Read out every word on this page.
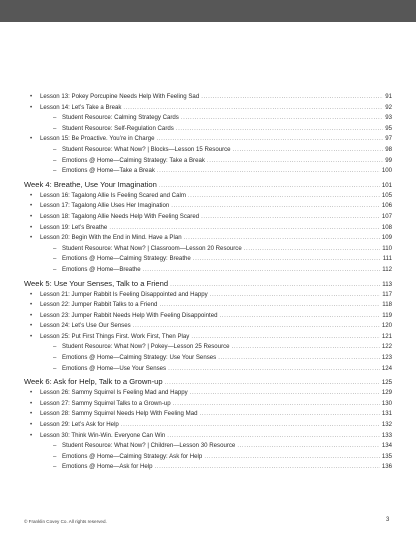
•	Lesson 13: Pokey Porcupine Needs Help With Feeling Sad .....	91
•	Lesson 14: Let’s Take a Break .....	92
– Student Resource: Calming Strategy Cards .....	93
– Student Resource: Self-Regulation Cards .....	95
•	Lesson 15: Be Proactive. You’re in Charge .....	97
– Student Resource: What Now? | Blocks—Lesson 15 Resource .....	98
– Emotions @ Home—Calming Strategy: Take a Break .....	99
– Emotions @ Home—Take a Break .....	100
Week 4: Breathe, Use Your Imagination .....	101
•	Lesson 16: Tagalong Allie Is Feeling Scared and Calm .....	105
•	Lesson 17: Tagalong Allie Uses Her Imagination .....	106
•	Lesson 18: Tagalong Allie Needs Help With Feeling Scared .....	107
•	Lesson 19: Let’s Breathe .....	108
•	Lesson 20: Begin With the End in Mind. Have a Plan .....	109
– Student Resource: What Now? | Classroom—Lesson 20 Resource .....	110
– Emotions @ Home—Calming Strategy: Breathe .....	111
– Emotions @ Home—Breathe .....	112
Week 5: Use Your Senses, Talk to a Friend .....	113
•	Lesson 21: Jumper Rabbit Is Feeling Disappointed and Happy .....	117
•	Lesson 22: Jumper Rabbit Talks to a Friend .....	118
•	Lesson 23: Jumper Rabbit Needs Help With Feeling Disappointed .....	119
•	Lesson 24: Let’s Use Our Senses .....	120
•	Lesson 25: Put First Things First. Work First, Then Play .....	121
– Student Resource: What Now? | Pokey—Lesson 25 Resource .....	122
– Emotions @ Home—Calming Strategy: Use Your Senses .....	123
– Emotions @ Home—Use Your Senses .....	124
Week 6: Ask for Help, Talk to a Grown-up .....	125
•	Lesson 26: Sammy Squirrel Is Feeling Mad and Happy .....	129
•	Lesson 27: Sammy Squirrel Talks to a Grown-up .....	130
•	Lesson 28: Sammy Squirrel Needs Help With Feeling Mad .....	131
•	Lesson 29: Let’s Ask for Help .....	132
•	Lesson 30: Think Win-Win. Everyone Can Win .....	133
– Student Resource: What Now? | Children—Lesson 30 Resource .....	134
– Emotions @ Home—Calming Strategy: Ask for Help .....	135
– Emotions @ Home—Ask for Help .....	136
© Franklin Covey Co. All rights reserved.	3
